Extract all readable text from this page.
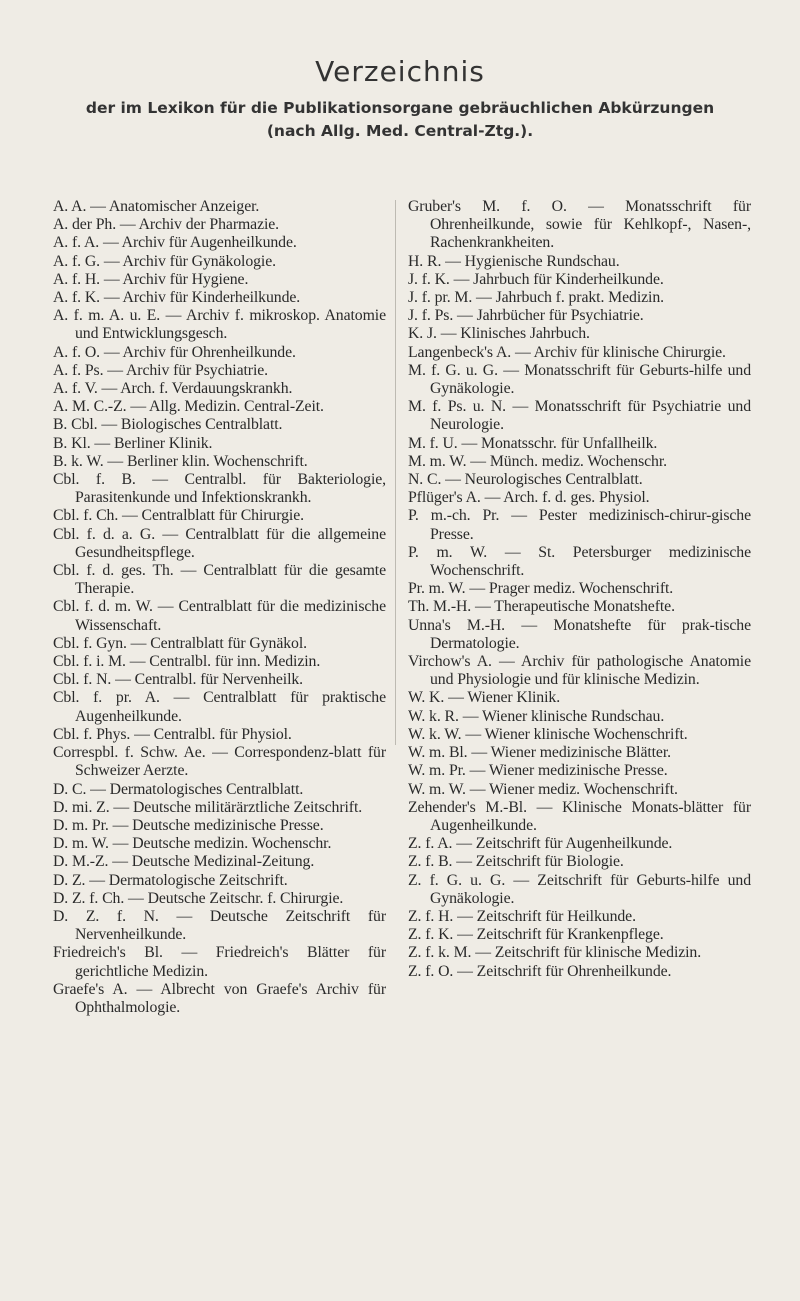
Verzeichnis
der im Lexikon für die Publikationsorgane gebräuchlichen Abkürzungen
(nach Allg. Med. Central-Ztg.).

A. A. — Anatomischer Anzeiger.

A. der Ph. — Archiv der Pharmazie.

A. f. A. — Archiv für Augenheilkunde.

A. f. G. — Archiv für Gynäkologie.

A. f. H. — Archiv für Hygiene.

A. f. K. — Archiv für Kinderheilkunde.

A. f. m. A. u. E. — Archiv f. mikroskop. Anatomie und Entwicklungsgesch.

A. f. O. — Archiv für Ohrenheilkunde.

A. f. Ps. — Archiv für Psychiatrie.

A. f. V. — Arch. f. Verdauungskrankh.

A. M. C.-Z. — Allg. Medizin. Central-Zeit.

B. Cbl. — Biologisches Centralblatt.

B. Kl. — Berliner Klinik.

B. k. W. — Berliner klin. Wochenschrift.

Cbl. f. B. — Centralbl. für Bakteriologie, Parasitenkunde und Infektionskrankh.

Cbl. f. Ch. — Centralblatt für Chirurgie.

Cbl. f. d. a. G. — Centralblatt für die allgemeine Gesundheitspflege.

Cbl. f. d. ges. Th. — Centralblatt für die gesamte Therapie.

Cbl. f. d. m. W. — Centralblatt für die medizinische Wissenschaft.

Cbl. f. Gyn. — Centralblatt für Gynäkol.

Cbl. f. i. M. — Centralbl. für inn. Medizin.

Cbl. f. N. — Centralbl. für Nervenheilk.

Cbl. f. pr. A. — Centralblatt für praktische Augenheilkunde.

Cbl. f. Phys. — Centralbl. für Physiol.

Correspbl. f. Schw. Ae. — Correspondenz-blatt für Schweizer Aerzte.

D. C. — Dermatologisches Centralblatt.

D. mi. Z. — Deutsche militärärztliche Zeitschrift.

D. m. Pr. — Deutsche medizinische Presse.

D. m. W. — Deutsche medizin. Wochenschr.

D. M.-Z. — Deutsche Medizinal-Zeitung.

D. Z. — Dermatologische Zeitschrift.

D. Z. f. Ch. — Deutsche Zeitschr. f. Chirurgie.

D. Z. f. N. — Deutsche Zeitschrift für Nervenheilkunde.

Friedreich's Bl. — Friedreich's Blätter für gerichtliche Medizin.

Graefe's A. — Albrecht von Graefe's Archiv für Ophthalmologie.

Gruber's M. f. O. — Monatsschrift für Ohrenheilkunde, sowie für Kehlkopf-, Nasen-, Rachenkrankheiten.

H. R. — Hygienische Rundschau.

J. f. K. — Jahrbuch für Kinderheilkunde.

J. f. pr. M. — Jahrbuch f. prakt. Medizin.

J. f. Ps. — Jahrbücher für Psychiatrie.

K. J. — Klinisches Jahrbuch.

Langenbeck's A. — Archiv für klinische Chirurgie.

M. f. G. u. G. — Monatsschrift für Geburts-hilfe und Gynäkologie.

M. f. Ps. u. N. — Monatsschrift für Psychiatrie und Neurologie.

M. f. U. — Monatsschr. für Unfallheilk.

M. m. W. — Münch. mediz. Wochenschr.

N. C. — Neurologisches Centralblatt.

Pflüger's A. — Arch. f. d. ges. Physiol.

P. m.-ch. Pr. — Pester medizinisch-chirur-gische Presse.

P. m. W. — St. Petersburger medizinische Wochenschrift.

Pr. m. W. — Prager mediz. Wochenschrift.

Th. M.-H. — Therapeutische Monatshefte.

Unna's M.-H. — Monatshefte für prak-tische Dermatologie.

Virchow's A. — Archiv für pathologische Anatomie und Physiologie und für klinische Medizin.

W. K. — Wiener Klinik.

W. k. R. — Wiener klinische Rundschau.

W. k. W. — Wiener klinische Wochenschrift.

W. m. Bl. — Wiener medizinische Blätter.

W. m. Pr. — Wiener medizinische Presse.

W. m. W. — Wiener mediz. Wochenschrift.

Zehender's M.-Bl. — Klinische Monats-blätter für Augenheilkunde.

Z. f. A. — Zeitschrift für Augenheilkunde.

Z. f. B. — Zeitschrift für Biologie.

Z. f. G. u. G. — Zeitschrift für Geburts-hilfe und Gynäkologie.

Z. f. H. — Zeitschrift für Heilkunde.

Z. f. K. — Zeitschrift für Krankenpflege.

Z. f. k. M. — Zeitschrift für klinische Medizin.

Z. f. O. — Zeitschrift für Ohrenheilkunde.
